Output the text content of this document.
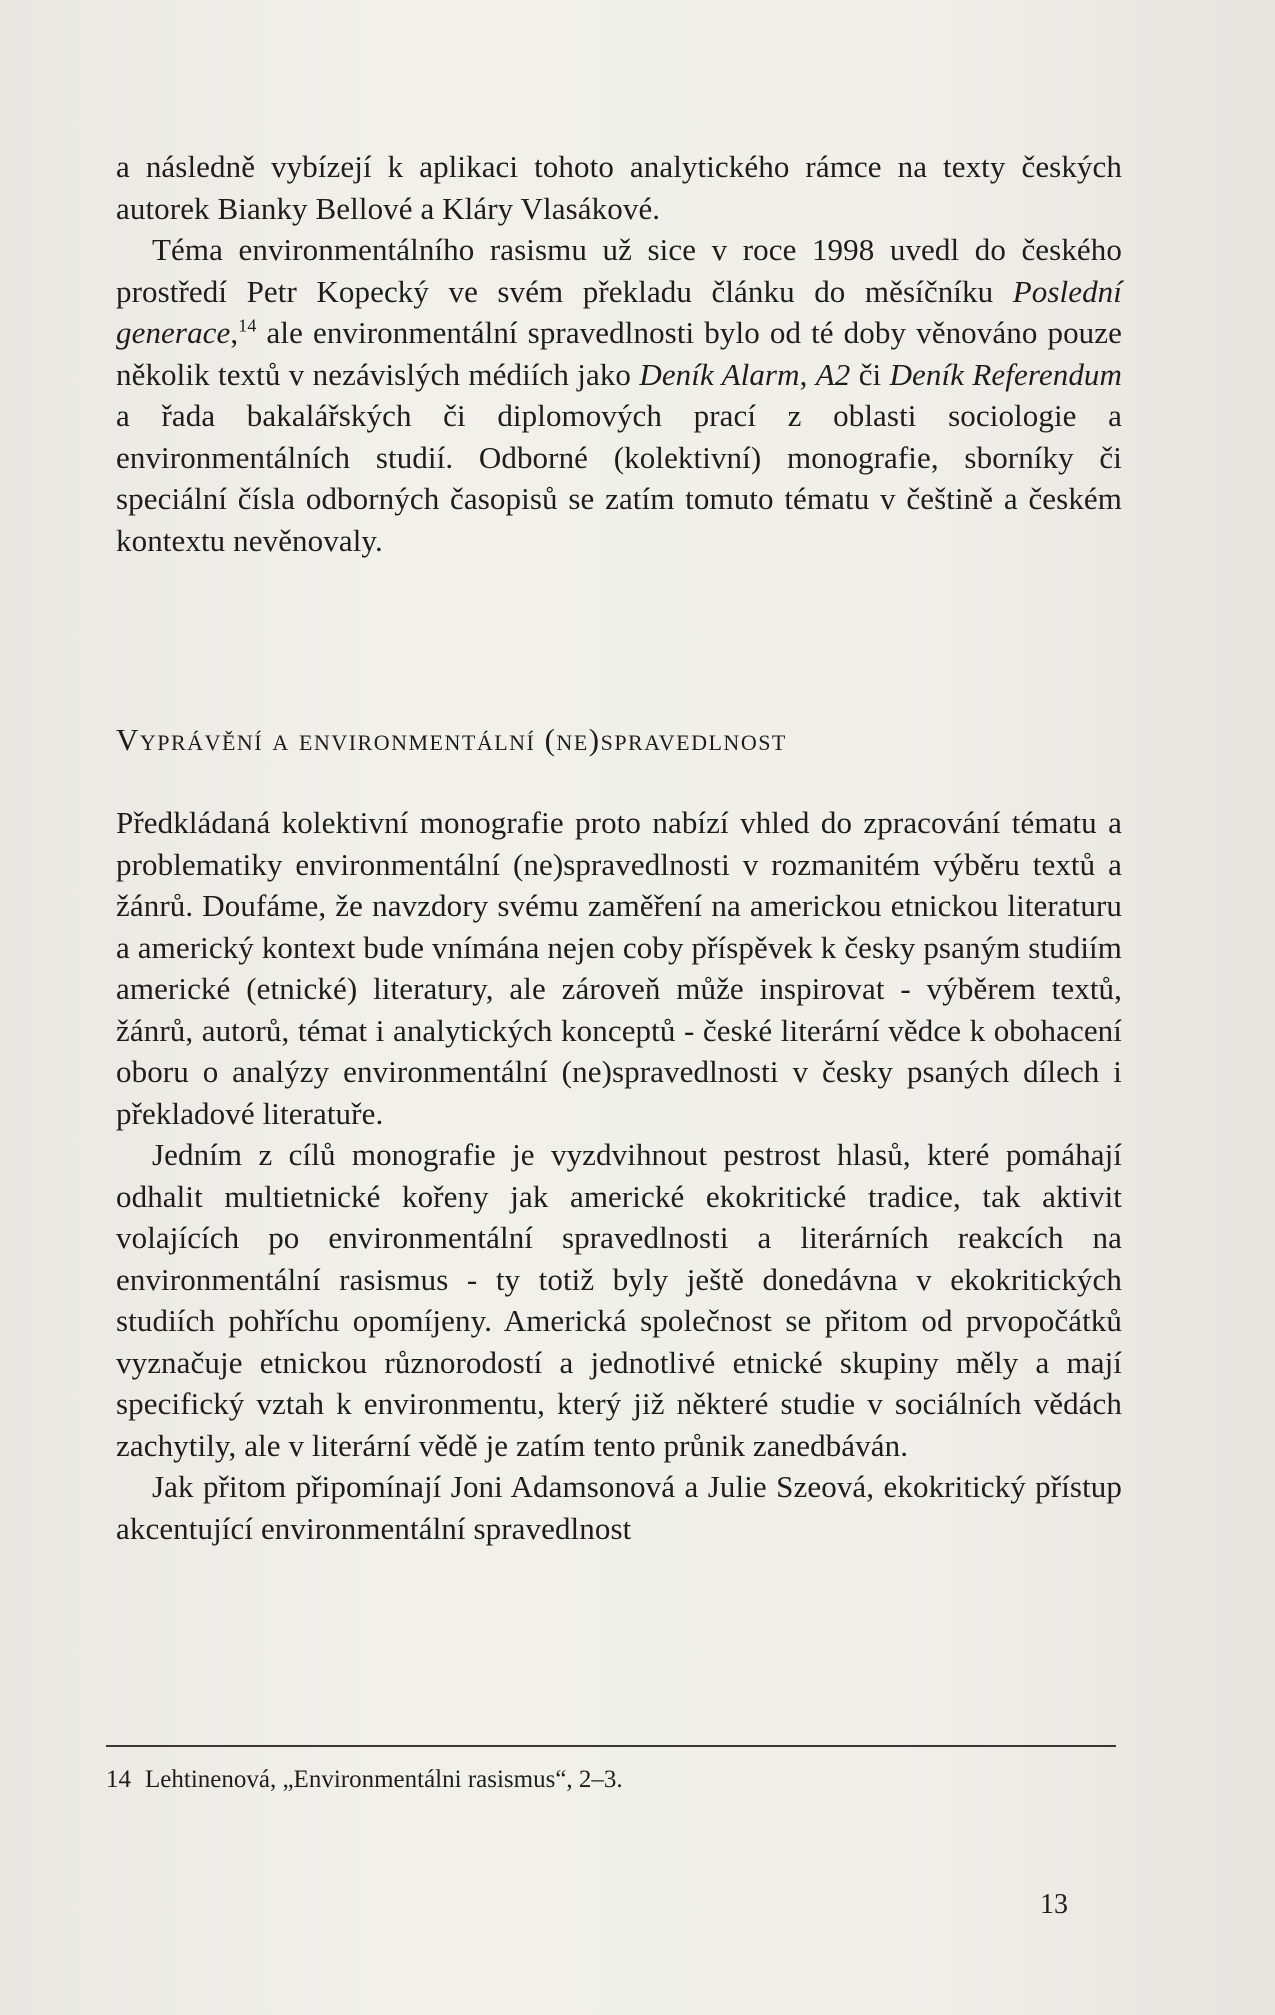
a následně vybízejí k aplikaci tohoto analytického rámce na texty českých autorek Bianky Bellové a Kláry Vlasákové.

Téma environmentálního rasismu už sice v roce 1998 uvedl do českého prostředí Petr Kopecký ve svém překladu článku do měsíčníku Poslední generace,$^{14}$ ale environmentální spravedlnosti bylo od té doby věnováno pouze několik textů v nezávislých médiích jako Deník Alarm, A2 či Deník Referendum a řada bakalářských či diplomových prací z oblasti sociologie a environmentálních studií. Odborné (kolektivní) monografie, sborníky či speciální čísla odborných časopisů se zatím tomuto tématu v češtině a českém kontextu nevěnovaly.

Vyprávění a environmentální (ne)spravedlnost

Předkládaná kolektivní monografie proto nabízí vhled do zpracování tématu a problematiky environmentální (ne)spravedlnosti v rozmanitém výběru textů a žánrů. Doufáme, že navzdory svému zaměření na americkou etnickou literaturu a americký kontext bude vnímána nejen coby příspěvek k česky psaným studiím americké (etnické) literatury, ale zároveň může inspirovat - výběrem textů, žánrů, autorů, témat i analytických konceptů - české literární vědce k obohacení oboru o analýzy environmentální (ne)spravedlnosti v česky psaných dílech i překladové literatuře.

Jedním z cílů monografie je vyzdvihnout pestrost hlasů, které pomáhají odhalit multietnické kořeny jak americké ekokritické tradice, tak aktivit volajících po environmentální spravedlnosti a literárních reakcích na environmentální rasismus - ty totiž byly ještě donedávna v ekokritických studiích pohříchu opomíjeny. Americká společnost se přitom od prvopočátků vyznačuje etnickou různorodostí a jednotlivé etnické skupiny měly a mají specifický vztah k environmentu, který již některé studie v sociálních vědách zachytily, ale v literární vědě je zatím tento průnik zanedbáván.

Jak přitom připomínají Joni Adamsonová a Julie Szeová, ekokritický přístup akcentující environmentální spravedlnost

14 Lehtinenová, „Environmentálni rasismus“, 2–3.
13
